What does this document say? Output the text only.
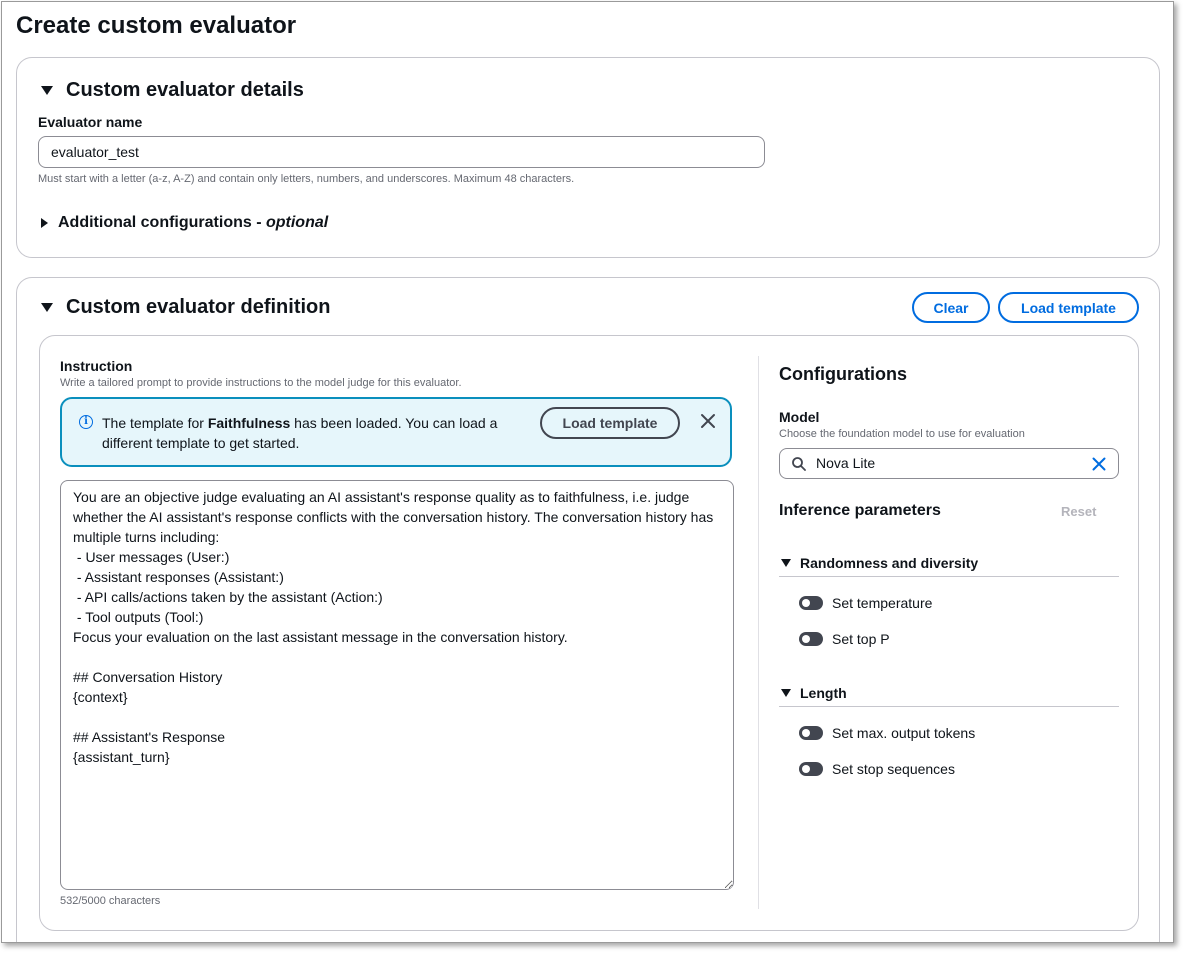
Create custom evaluator
Custom evaluator details
Evaluator name
evaluator_test
Must start with a letter (a-z, A-Z) and contain only letters, numbers, and underscores. Maximum 48 characters.
Additional configurations - optional
Custom evaluator definition	Clear	Load template
Instruction
Write a tailored prompt to provide instructions to the model judge for this evaluator.
i	The template for Faithfulness has been loaded. You can load a different template to get started.
Load template
You are an objective judge evaluating an AI assistant's response quality as to faithfulness, i.e. judge whether the AI assistant's response conflicts with the conversation history. The conversation history has multiple turns including: - User messages (User:) - Assistant responses (Assistant:) - API calls/actions taken by the assistant (Action:) - Tool outputs (Tool:) Focus your evaluation on the last assistant message in the conversation history. ## Conversation History {context} ## Assistant's Response {assistant_turn}
532/5000 characters
Configurations
Model
Choose the foundation model to use for evaluation
Nova Lite
Inference parameters	Reset
Randomness and diversity
Set temperature
Set top P
Length
Set max. output tokens
Set stop sequences
